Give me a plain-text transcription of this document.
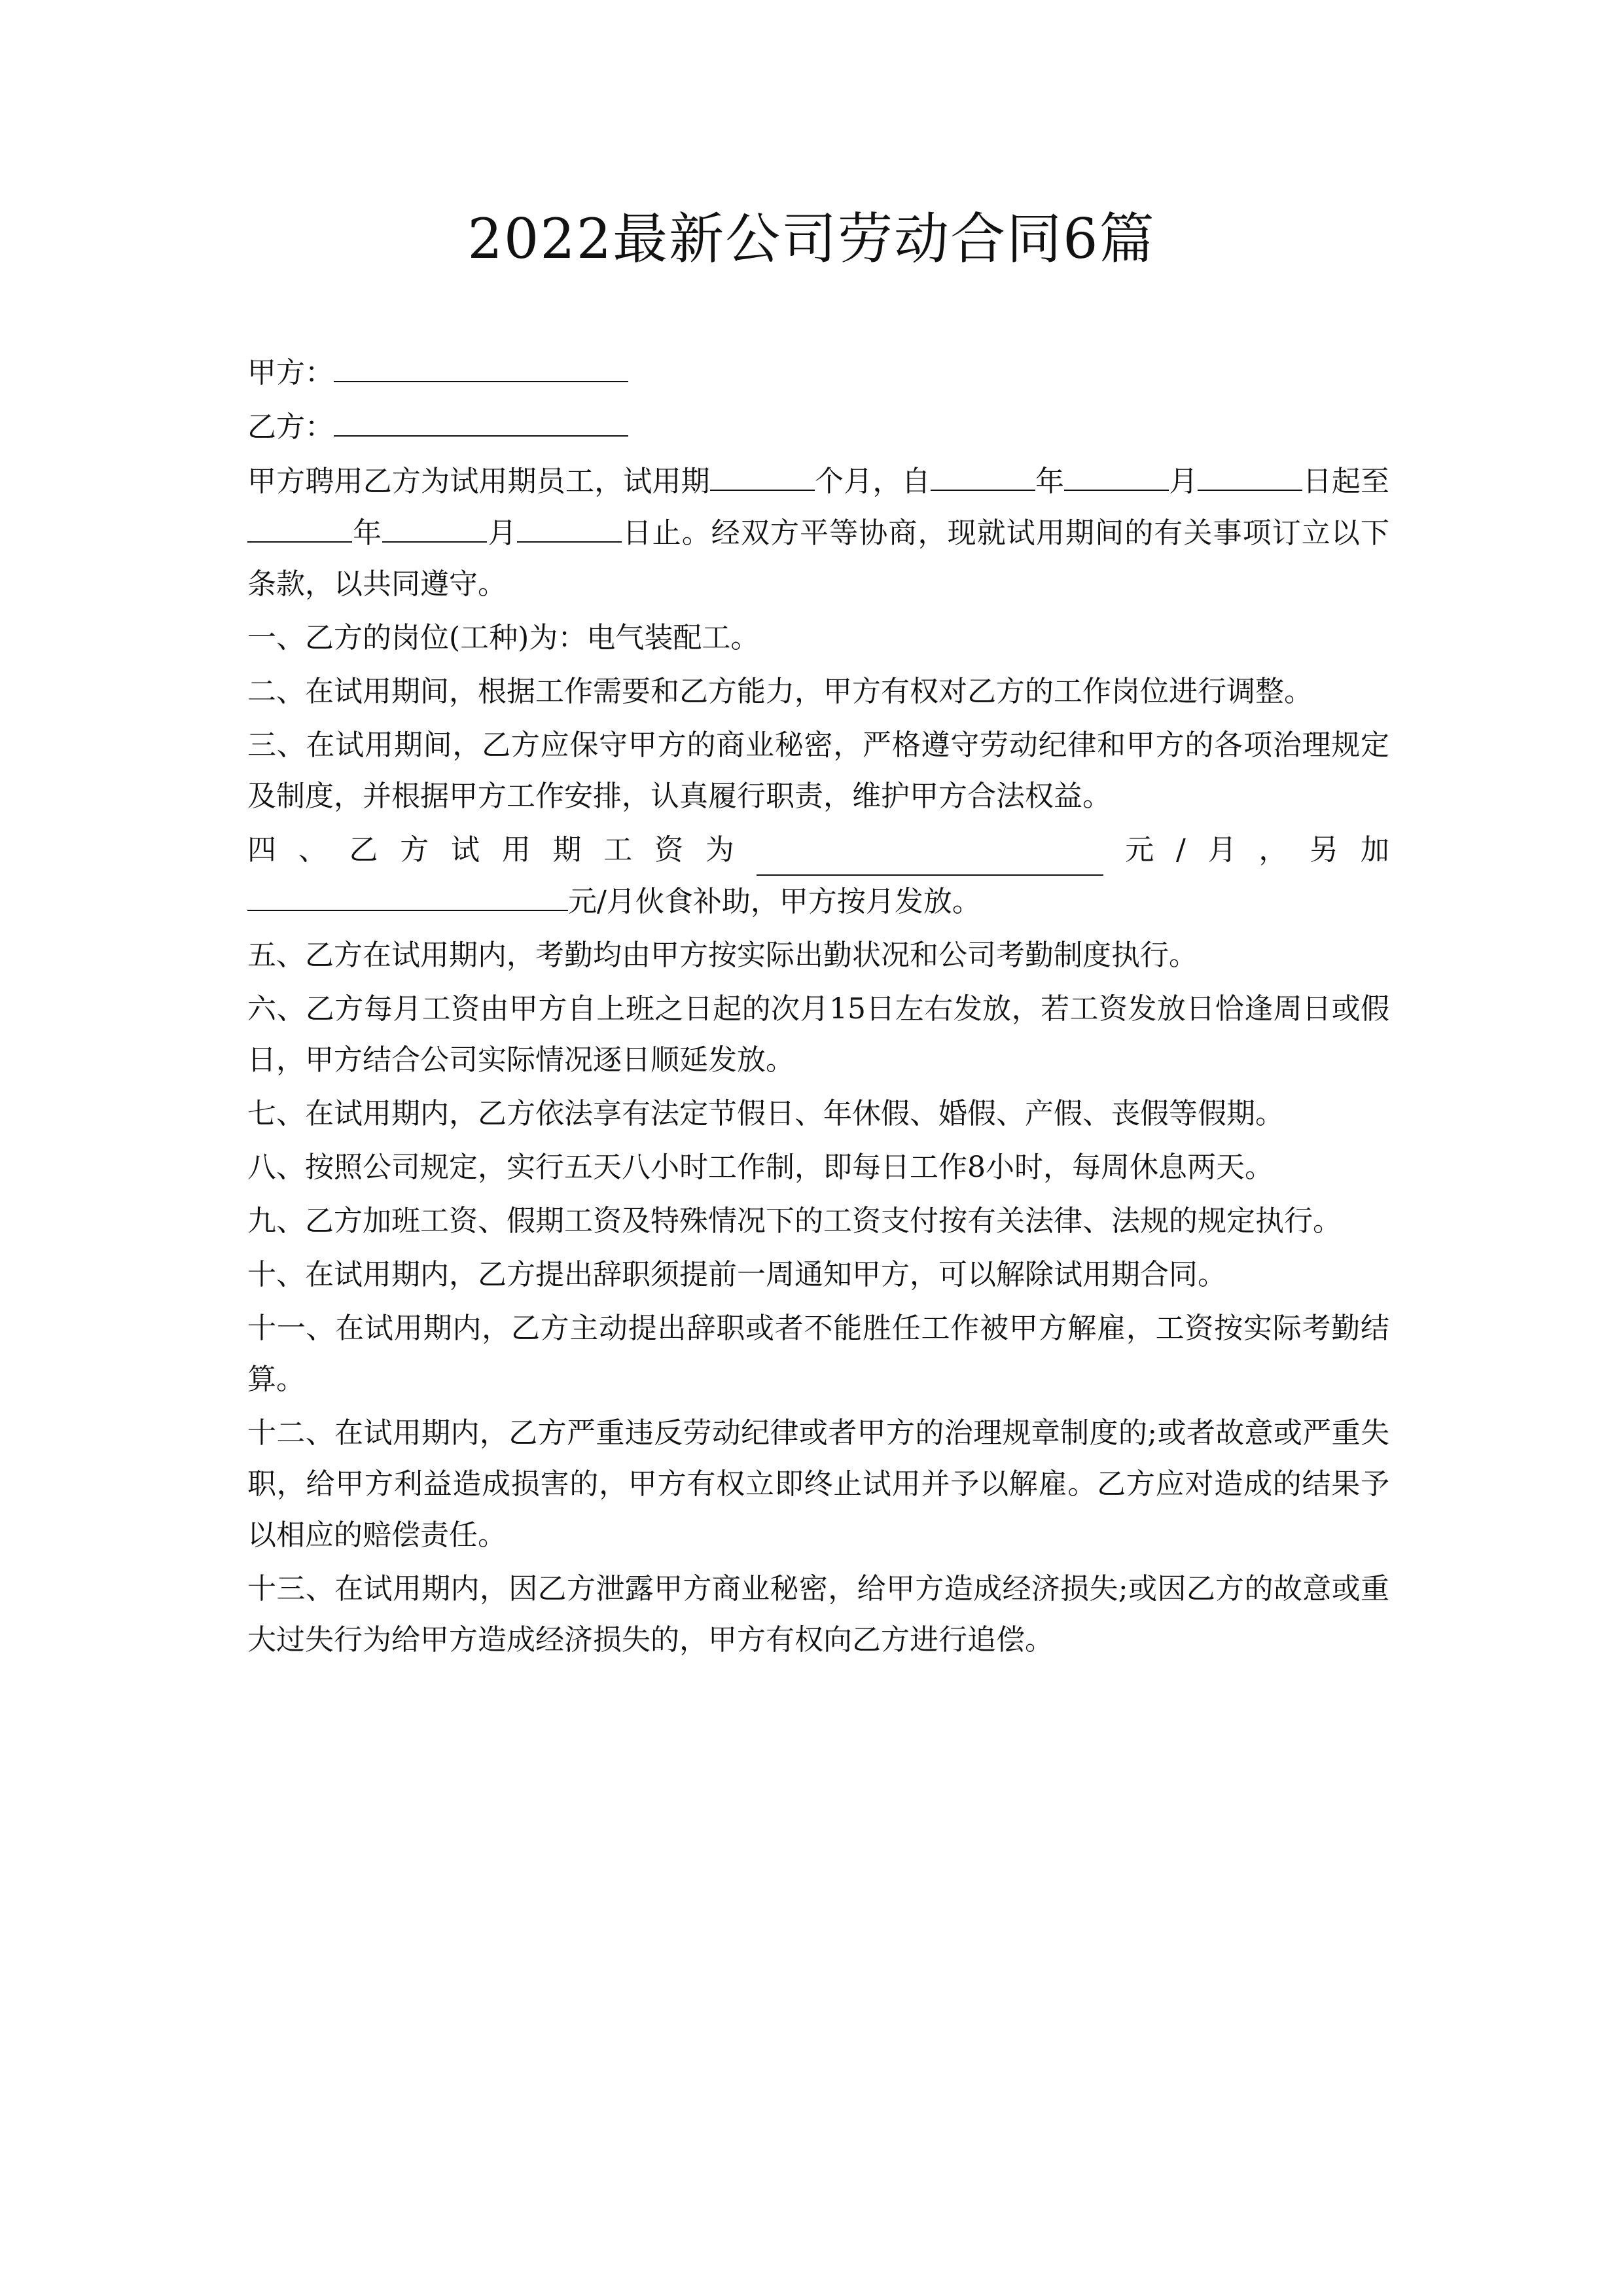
2022最新公司劳动合同6篇

甲方：

乙方：

甲方聘用乙方为试用期员工，试用期	个月，自	年	月	日起至年	月	日止。经双方平等协商，现就试用期间的有关事项订立以下条款，以共同遵守。

一、乙方的岗位(工种)为：电气装配工。

二、在试用期间，根据工作需要和乙方能力，甲方有权对乙方的工作岗位进行调整。

三、在试用期间，乙方应保守甲方的商业秘密，严格遵守劳动纪律和甲方的各项治理规定及制度，并根据甲方工作安排，认真履行职责，维护甲方合法权益。

四 、 乙 方 试 用 期 工 资 为	元 / 月 ， 另 加

元/月伙食补助，甲方按月发放。

五、乙方在试用期内，考勤均由甲方按实际出勤状况和公司考勤制度执行。

六、乙方每月工资由甲方自上班之日起的次月15日左右发放，若工资发放日恰逢周日或假日，甲方结合公司实际情况逐日顺延发放。

七、在试用期内，乙方依法享有法定节假日、年休假、婚假、产假、丧假等假期。

八、按照公司规定，实行五天八小时工作制，即每日工作8小时，每周休息两天。

九、乙方加班工资、假期工资及特殊情况下的工资支付按有关法律、法规的规定执行。

十、在试用期内，乙方提出辞职须提前一周通知甲方，可以解除试用期合同。

十一、在试用期内，乙方主动提出辞职或者不能胜任工作被甲方解雇，工资按实际考勤结算。

十二、在试用期内，乙方严重违反劳动纪律或者甲方的治理规章制度的;或者故意或严重失职，给甲方利益造成损害的，甲方有权立即终止试用并予以解雇。乙方应对造成的结果予以相应的赔偿责任。

十三、在试用期内，因乙方泄露甲方商业秘密，给甲方造成经济损失;或因乙方的故意或重大过失行为给甲方造成经济损失的，甲方有权向乙方进行追偿。
